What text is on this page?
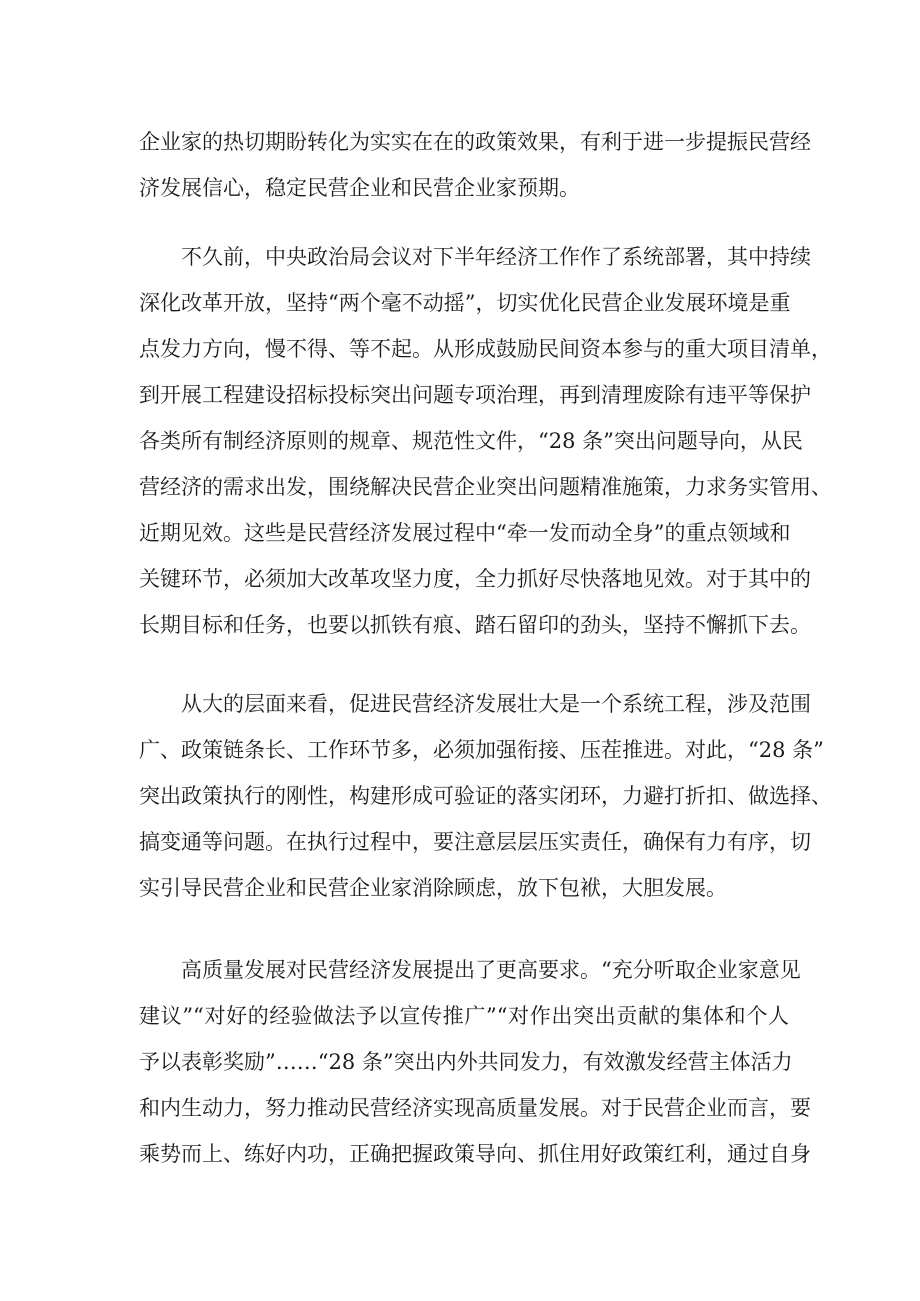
企业家的热切期盼转化为实实在在的政策效果，有利于进一步提振民营经
济发展信心，稳定民营企业和民营企业家预期。
　　不久前，中央政治局会议对下半年经济工作作了系统部署，其中持续
深化改革开放，坚持“两个毫不动摇”，切实优化民营企业发展环境是重
点发力方向，慢不得、等不起。从形成鼓励民间资本参与的重大项目清单，
到开展工程建设招标投标突出问题专项治理，再到清理废除有违平等保护
各类所有制经济原则的规章、规范性文件，“28 条”突出问题导向，从民
营经济的需求出发，围绕解决民营企业突出问题精准施策，力求务实管用、
近期见效。这些是民营经济发展过程中“牵一发而动全身”的重点领域和
关键环节，必须加大改革攻坚力度，全力抓好尽快落地见效。对于其中的
长期目标和任务，也要以抓铁有痕、踏石留印的劲头，坚持不懈抓下去。
　　从大的层面来看，促进民营经济发展壮大是一个系统工程，涉及范围
广、政策链条长、工作环节多，必须加强衔接、压茬推进。对此，“28 条”
突出政策执行的刚性，构建形成可验证的落实闭环，力避打折扣、做选择、
搞变通等问题。在执行过程中，要注意层层压实责任，确保有力有序，切
实引导民营企业和民营企业家消除顾虑，放下包袱，大胆发展。
　　高质量发展对民营经济发展提出了更高要求。“充分听取企业家意见
建议”“对好的经验做法予以宣传推广”“对作出突出贡献的集体和个人
予以表彰奖励”……“28 条”突出内外共同发力，有效激发经营主体活力
和内生动力，努力推动民营经济实现高质量发展。对于民营企业而言，要
乘势而上、练好内功，正确把握政策导向、抓住用好政策红利，通过自身
